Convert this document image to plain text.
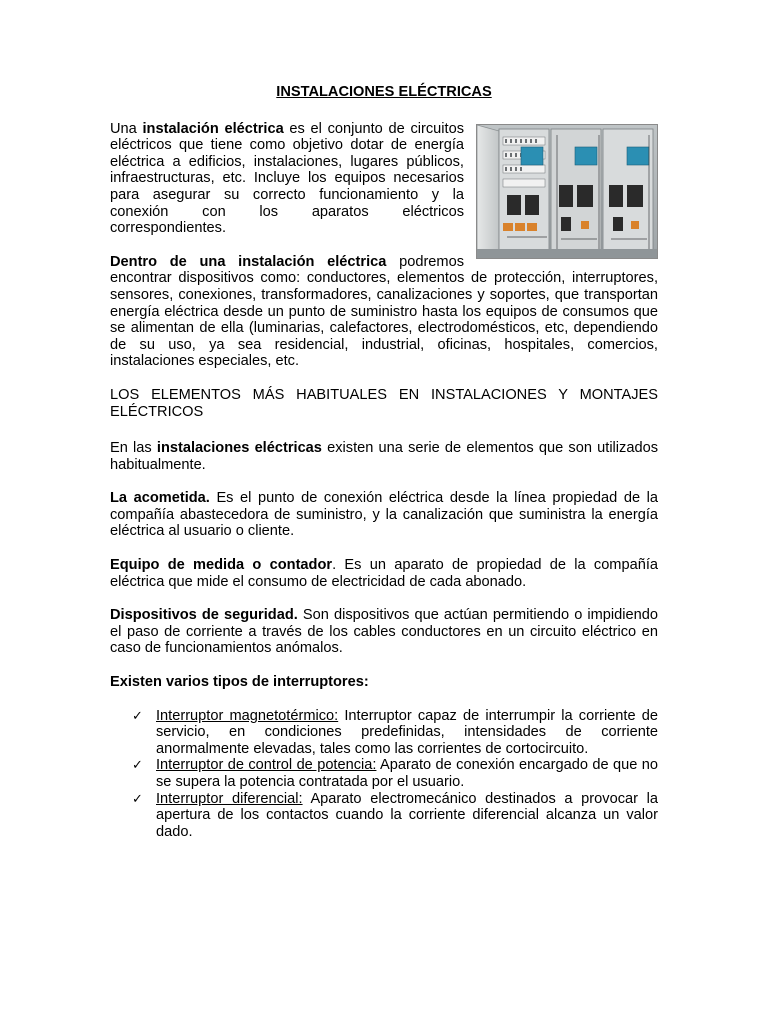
INSTALACIONES ELÉCTRICAS

Una instalación eléctrica es el conjunto de circuitos eléctricos que tiene como objetivo dotar de energía eléctrica a edificios, instalaciones, lugares públicos, infraestructuras, etc. Incluye los equipos necesarios para asegurar su correcto funcionamiento y la conexión con los aparatos eléctricos correspondientes.

Dentro de una instalación eléctrica podremos encontrar dispositivos como: conductores, elementos de protección, interruptores, sensores, conexiones, transformadores, canalizaciones y soportes, que transportan energía eléctrica desde un punto de suministro hasta los equipos de consumos que se alimentan de ella (luminarias, calefactores, electrodomésticos, etc, dependiendo de su uso, ya sea residencial, industrial, oficinas, hospitales, comercios, instalaciones especiales, etc.

LOS ELEMENTOS MÁS HABITUALES EN INSTALACIONES Y MONTAJES ELÉCTRICOS

En las instalaciones eléctricas existen una serie de elementos que son utilizados habitualmente.

La acometida. Es el punto de conexión eléctrica desde la línea propiedad de la compañía abastecedora de suministro, y la canalización que suministra la energía eléctrica al usuario o cliente.

Equipo de medida o contador. Es un aparato de propiedad de la compañía eléctrica que mide el consumo de electricidad de cada abonado.

Dispositivos de seguridad. Son dispositivos que actúan permitiendo o impidiendo el paso de corriente a través de los cables conductores en un circuito eléctrico en caso de funcionamientos anómalos.

Existen varios tipos de interruptores:

✓ Interruptor magnetotérmico: Interruptor capaz de interrumpir la corriente de servicio, en condiciones predefinidas, intensidades de corriente anormalmente elevadas, tales como las corrientes de cortocircuito.
✓ Interruptor de control de potencia: Aparato de conexión encargado de que no se supera la potencia contratada por el usuario.
✓ Interruptor diferencial: Aparato electromecánico destinados a provocar la apertura de los contactos cuando la corriente diferencial alcanza un valor dado.
